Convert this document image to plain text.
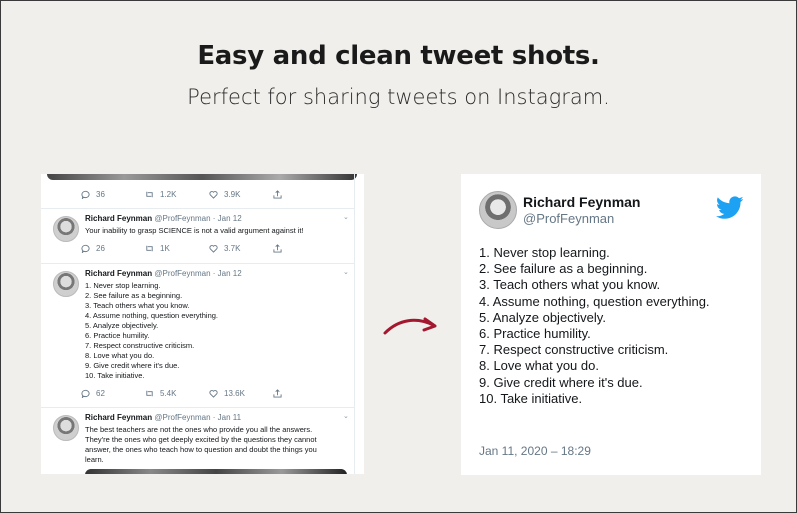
Easy and clean tweet shots.
Perfect for sharing tweets on Instagram.
36	1.2K	3.9K
Richard Feynman @ProfFeynman · Jan 12	⌄
Your inability to grasp SCIENCE is not a valid argument against it!
26	1K	3.7K
Richard Feynman @ProfFeynman · Jan 12	⌄
1. Never stop learning.
2. See failure as a beginning.
3. Teach others what you know.
4. Assume nothing, question everything.
5. Analyze objectively.
6. Practice humility.
7. Respect constructive criticism.
8. Love what you do.
9. Give credit where it's due.
10. Take initiative.
62	5.4K	13.6K
Richard Feynman @ProfFeynman · Jan 11	⌄
The best teachers are not the ones who provide you all the answers.
They're the ones who get deeply excited by the questions they cannot
answer, the ones who teach how to question and doubt the things you
learn.
Richard Feynman
@ProfFeynman
1. Never stop learning.
2. See failure as a beginning.
3. Teach others what you know.
4. Assume nothing, question everything.
5. Analyze objectively.
6. Practice humility.
7. Respect constructive criticism.
8. Love what you do.
9. Give credit where it's due.
10. Take initiative.
Jan 11, 2020 – 18:29
